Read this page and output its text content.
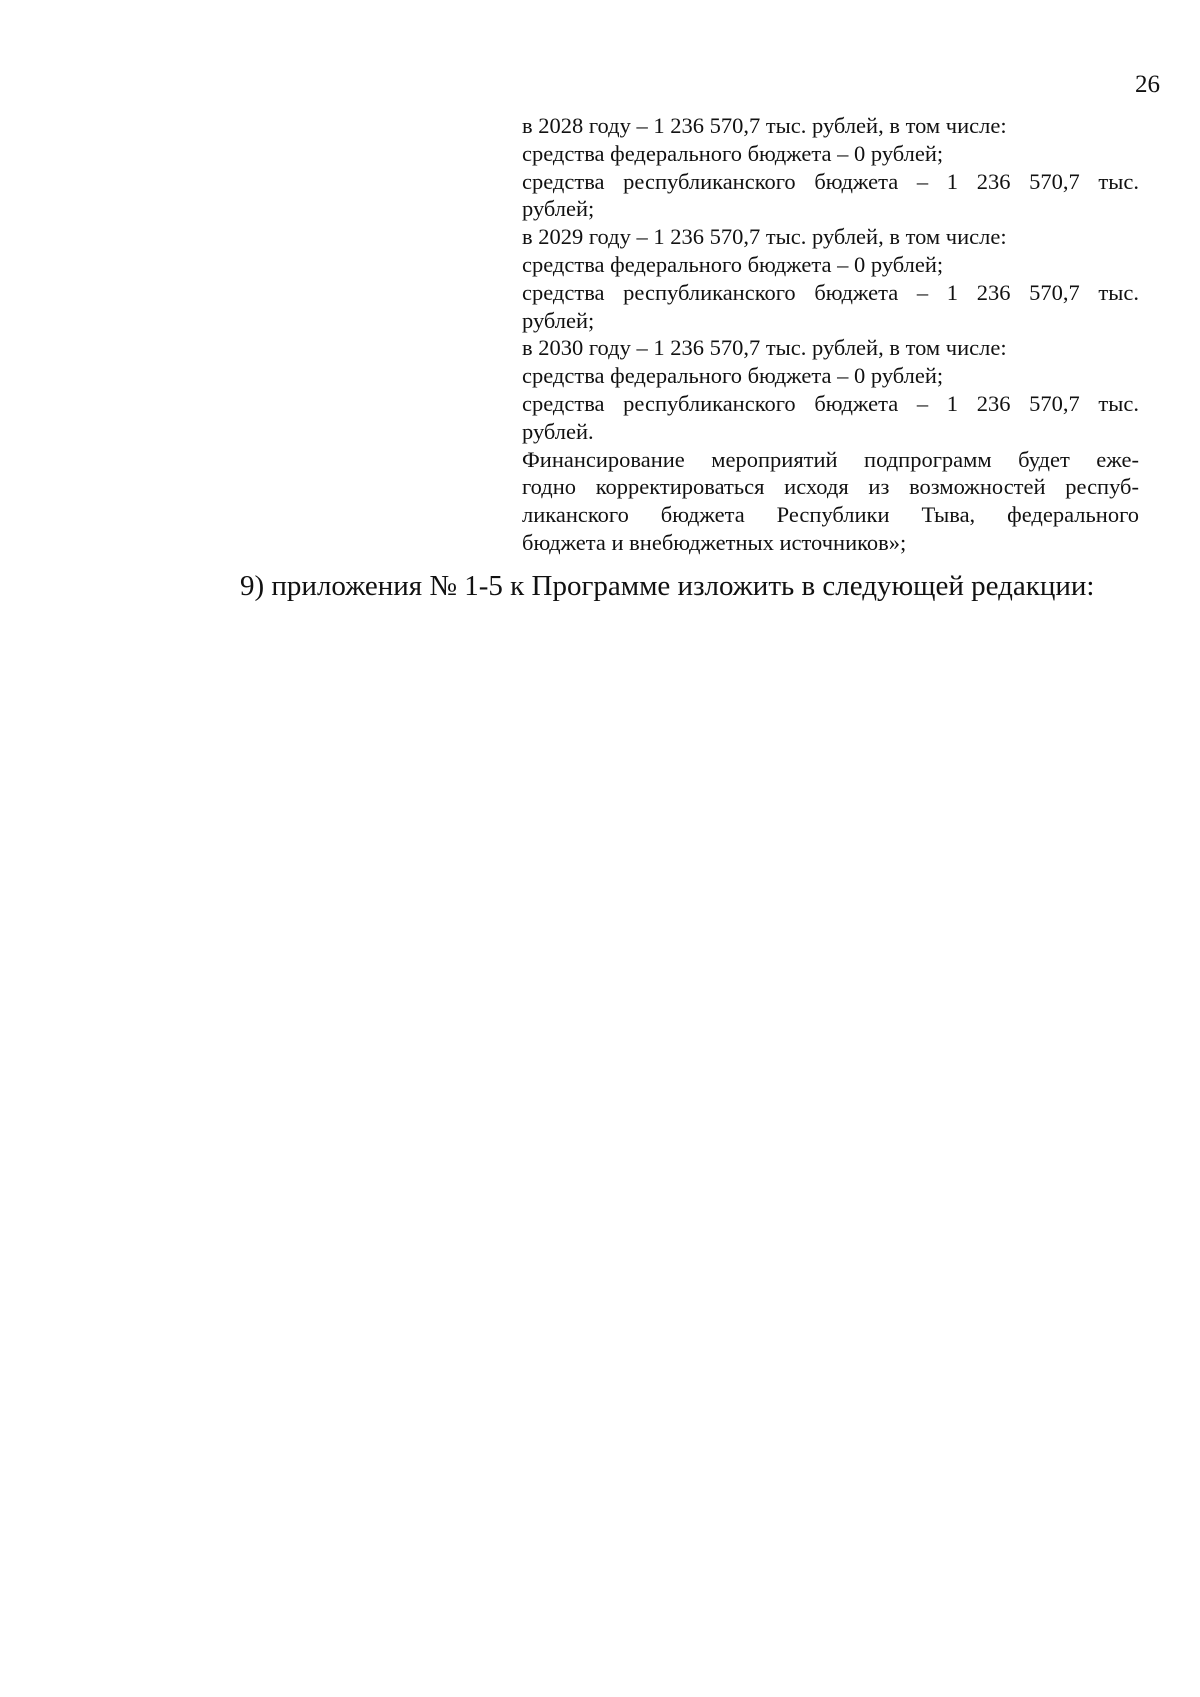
26

в 2028 году – 1 236 570,7 тыс. рублей, в том числе:

средства федерального бюджета – 0 рублей;

средства республиканского бюджета – 1 236 570,7 тыс.

рублей;

в 2029 году – 1 236 570,7 тыс. рублей, в том числе:

средства федерального бюджета – 0 рублей;

средства республиканского бюджета – 1 236 570,7 тыс.

рублей;

в 2030 году – 1 236 570,7 тыс. рублей, в том числе:

средства федерального бюджета – 0 рублей;

средства республиканского бюджета – 1 236 570,7 тыс.

рублей.

Финансирование мероприятий подпрограмм будет еже-

годно корректироваться исходя из возможностей респуб-

ликанского бюджета Республики Тыва, федерального

бюджета и внебюджетных источников»;

9) приложения № 1-5 к Программе изложить в следующей редакции:
